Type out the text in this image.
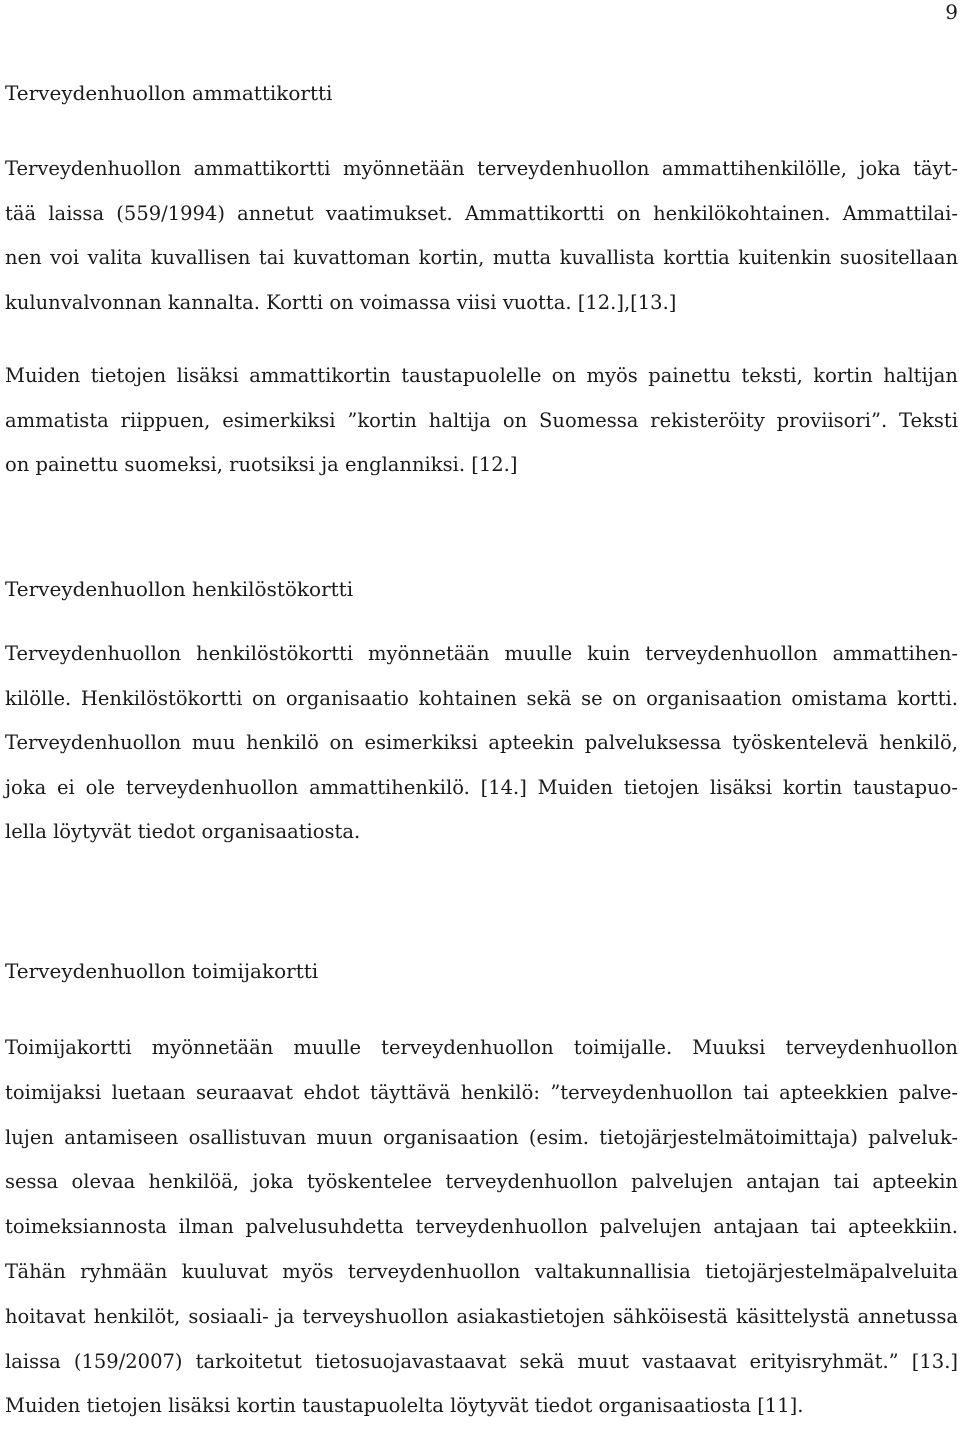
9
Terveydenhuollon ammattikortti

Terveydenhuollon ammattikortti myönnetään terveydenhuollon ammattihenkilölle, joka täyt-
tää laissa (559/1994) annetut vaatimukset. Ammattikortti on henkilökohtainen. Ammattilai-
nen voi valita kuvallisen tai kuvattoman kortin, mutta kuvallista korttia kuitenkin suositellaan
kulunvalvonnan kannalta. Kortti on voimassa viisi vuotta. [12.],[13.]

Muiden tietojen lisäksi ammattikortin taustapuolelle on myös painettu teksti, kortin haltijan
ammatista riippuen, esimerkiksi ”kortin haltija on Suomessa rekisteröity proviisori”. Teksti
on painettu suomeksi, ruotsiksi ja englanniksi. [12.]

Terveydenhuollon henkilöstökortti

Terveydenhuollon henkilöstökortti myönnetään muulle kuin terveydenhuollon ammattihen-
kilölle. Henkilöstökortti on organisaatio kohtainen sekä se on organisaation omistama kortti.
Terveydenhuollon muu henkilö on esimerkiksi apteekin palveluksessa työskentelevä henkilö,
joka ei ole terveydenhuollon ammattihenkilö. [14.] Muiden tietojen lisäksi kortin taustapuo-
lella löytyvät tiedot organisaatiosta.

Terveydenhuollon toimijakortti

Toimijakortti myönnetään muulle terveydenhuollon toimijalle. Muuksi terveydenhuollon
toimijaksi luetaan seuraavat ehdot täyttävä henkilö: ”terveydenhuollon tai apteekkien palve-
lujen antamiseen osallistuvan muun organisaation (esim. tietojärjestelmätoimittaja) palveluk-
sessa olevaa henkilöä, joka työskentelee terveydenhuollon palvelujen antajan tai apteekin
toimeksiannosta ilman palvelusuhdetta terveydenhuollon palvelujen antajaan tai apteekkiin.
Tähän ryhmään kuuluvat myös terveydenhuollon valtakunnallisia tietojärjestelmäpalveluita
hoitavat henkilöt, sosiaali- ja terveyshuollon asiakastietojen sähköisestä käsittelystä annetussa
laissa (159/2007) tarkoitetut tietosuojavastaavat sekä muut vastaavat erityisryhmät.” [13.]
Muiden tietojen lisäksi kortin taustapuolelta löytyvät tiedot organisaatiosta [11].
